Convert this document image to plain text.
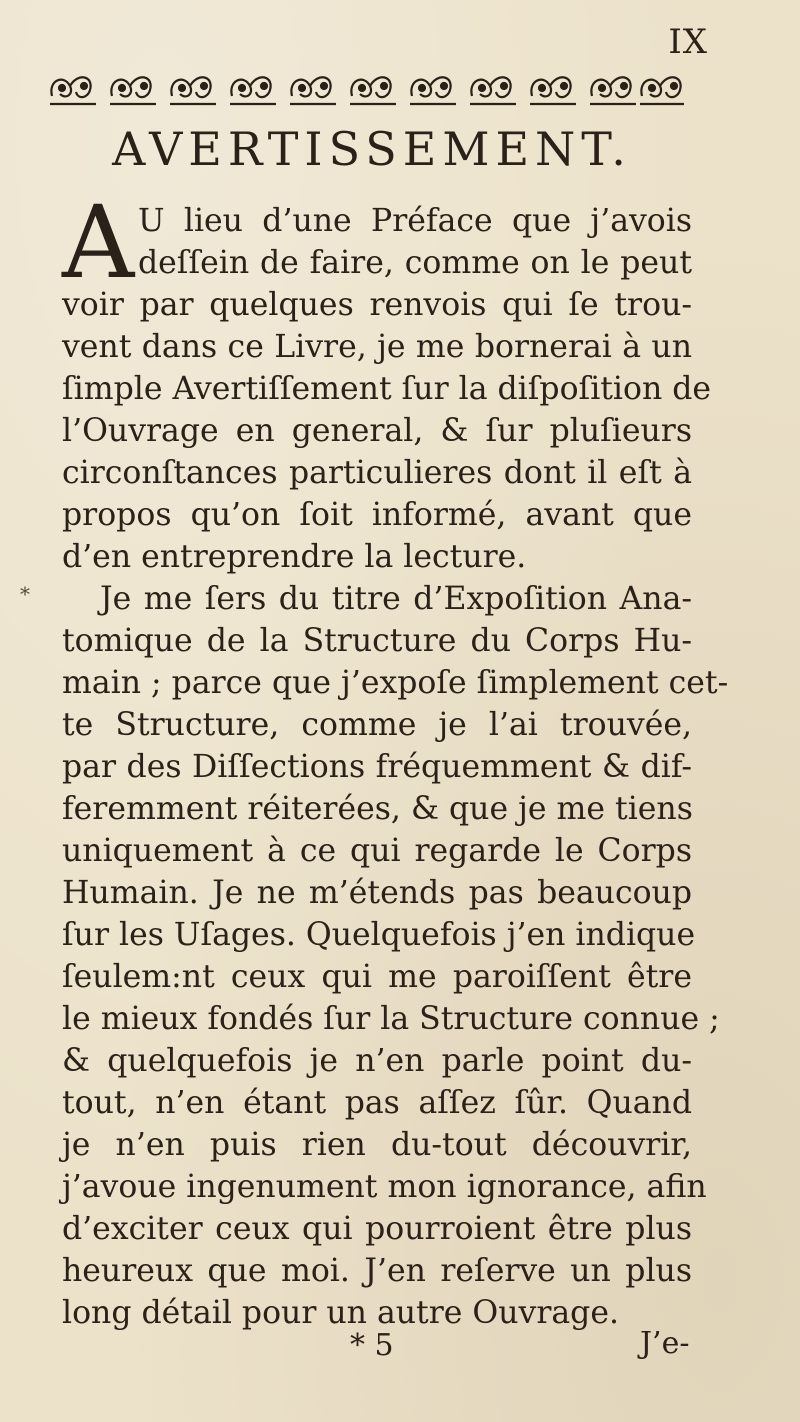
IX
AVERTISSEMENT.
A
*
U lieu d’une Préface que j’avois
deſſein de faire, comme on le peut
voir par quelques renvois qui ſe trou-
vent dans ce Livre, je me bornerai à un
ſimple Avertiſſement ſur la diſpoſition de
l’Ouvrage en general, & ſur pluſieurs
circonſtances particulieres dont il eſt à
propos qu’on ſoit informé, avant que
d’en entreprendre la lecture.
Je me ſers du titre d’Expoſition Ana-
tomique de la Structure du Corps Hu-
main ; parce que j’expoſe ſimplement cet-
te Structure, comme je l’ai trouvée,
par des Diſſections fréquemment & dif-
feremment réiterées, & que je me tiens
uniquement à ce qui regarde le Corps
Humain. Je ne m’étends pas beaucoup
ſur les Uſages. Quelquefois j’en indique
ſeulem:nt ceux qui me paroiſſent être
le mieux fondés ſur la Structure connue ;
& quelquefois je n’en parle point du-
tout, n’en étant pas aſſez ſûr. Quand
je n’en puis rien du-tout découvrir,
j’avoue ingenument mon ignorance, afin
d’exciter ceux qui pourroient être plus
heureux que moi. J’en reſerve un plus
long détail pour un autre Ouvrage.
* 5	J’e-
